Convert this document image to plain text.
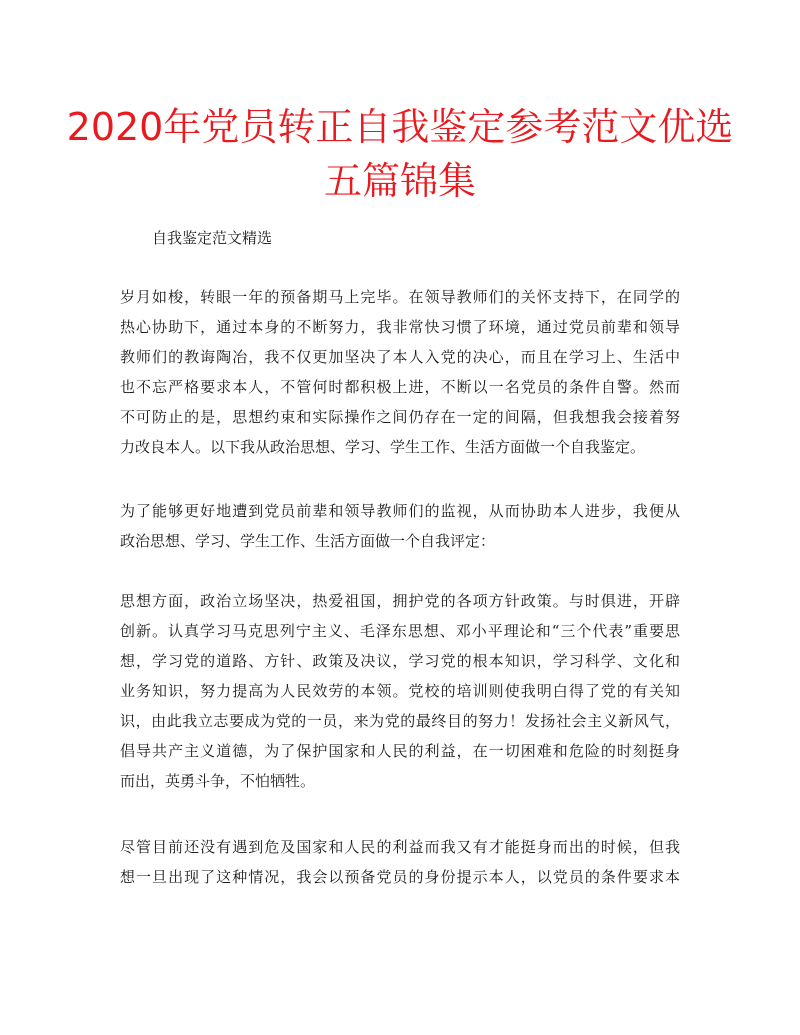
2020年党员转正自我鉴定参考范文优选五篇锦集
自我鉴定范文精选
岁月如梭，转眼一年的预备期马上完毕。在领导教师们的关怀支持下，在同学的
热心协助下，通过本身的不断努力，我非常快习惯了环境，通过党员前辈和领导
教师们的教诲陶冶，我不仅更加坚决了本人入党的决心，而且在学习上、生活中
也不忘严格要求本人，不管何时都积极上进，不断以一名党员的条件自警。然而
不可防止的是，思想约束和实际操作之间仍存在一定的间隔，但我想我会接着努
力改良本人。以下我从政治思想、学习、学生工作、生活方面做一个自我鉴定。
为了能够更好地遭到党员前辈和领导教师们的监视，从而协助本人进步，我便从
政治思想、学习、学生工作、生活方面做一个自我评定：
思想方面，政治立场坚决，热爱祖国，拥护党的各项方针政策。与时俱进，开辟
创新。认真学习马克思列宁主义、毛泽东思想、邓小平理论和“三个代表”重要思
想，学习党的道路、方针、政策及决议，学习党的根本知识，学习科学、文化和
业务知识，努力提高为人民效劳的本领。党校的培训则使我明白得了党的有关知
识，由此我立志要成为党的一员，来为党的最终目的努力！发扬社会主义新风气，
倡导共产主义道德，为了保护国家和人民的利益，在一切困难和危险的时刻挺身
而出，英勇斗争，不怕牺牲。
尽管目前还没有遇到危及国家和人民的利益而我又有才能挺身而出的时候，但我
想一旦出现了这种情况，我会以预备党员的身份提示本人，以党员的条件要求本
